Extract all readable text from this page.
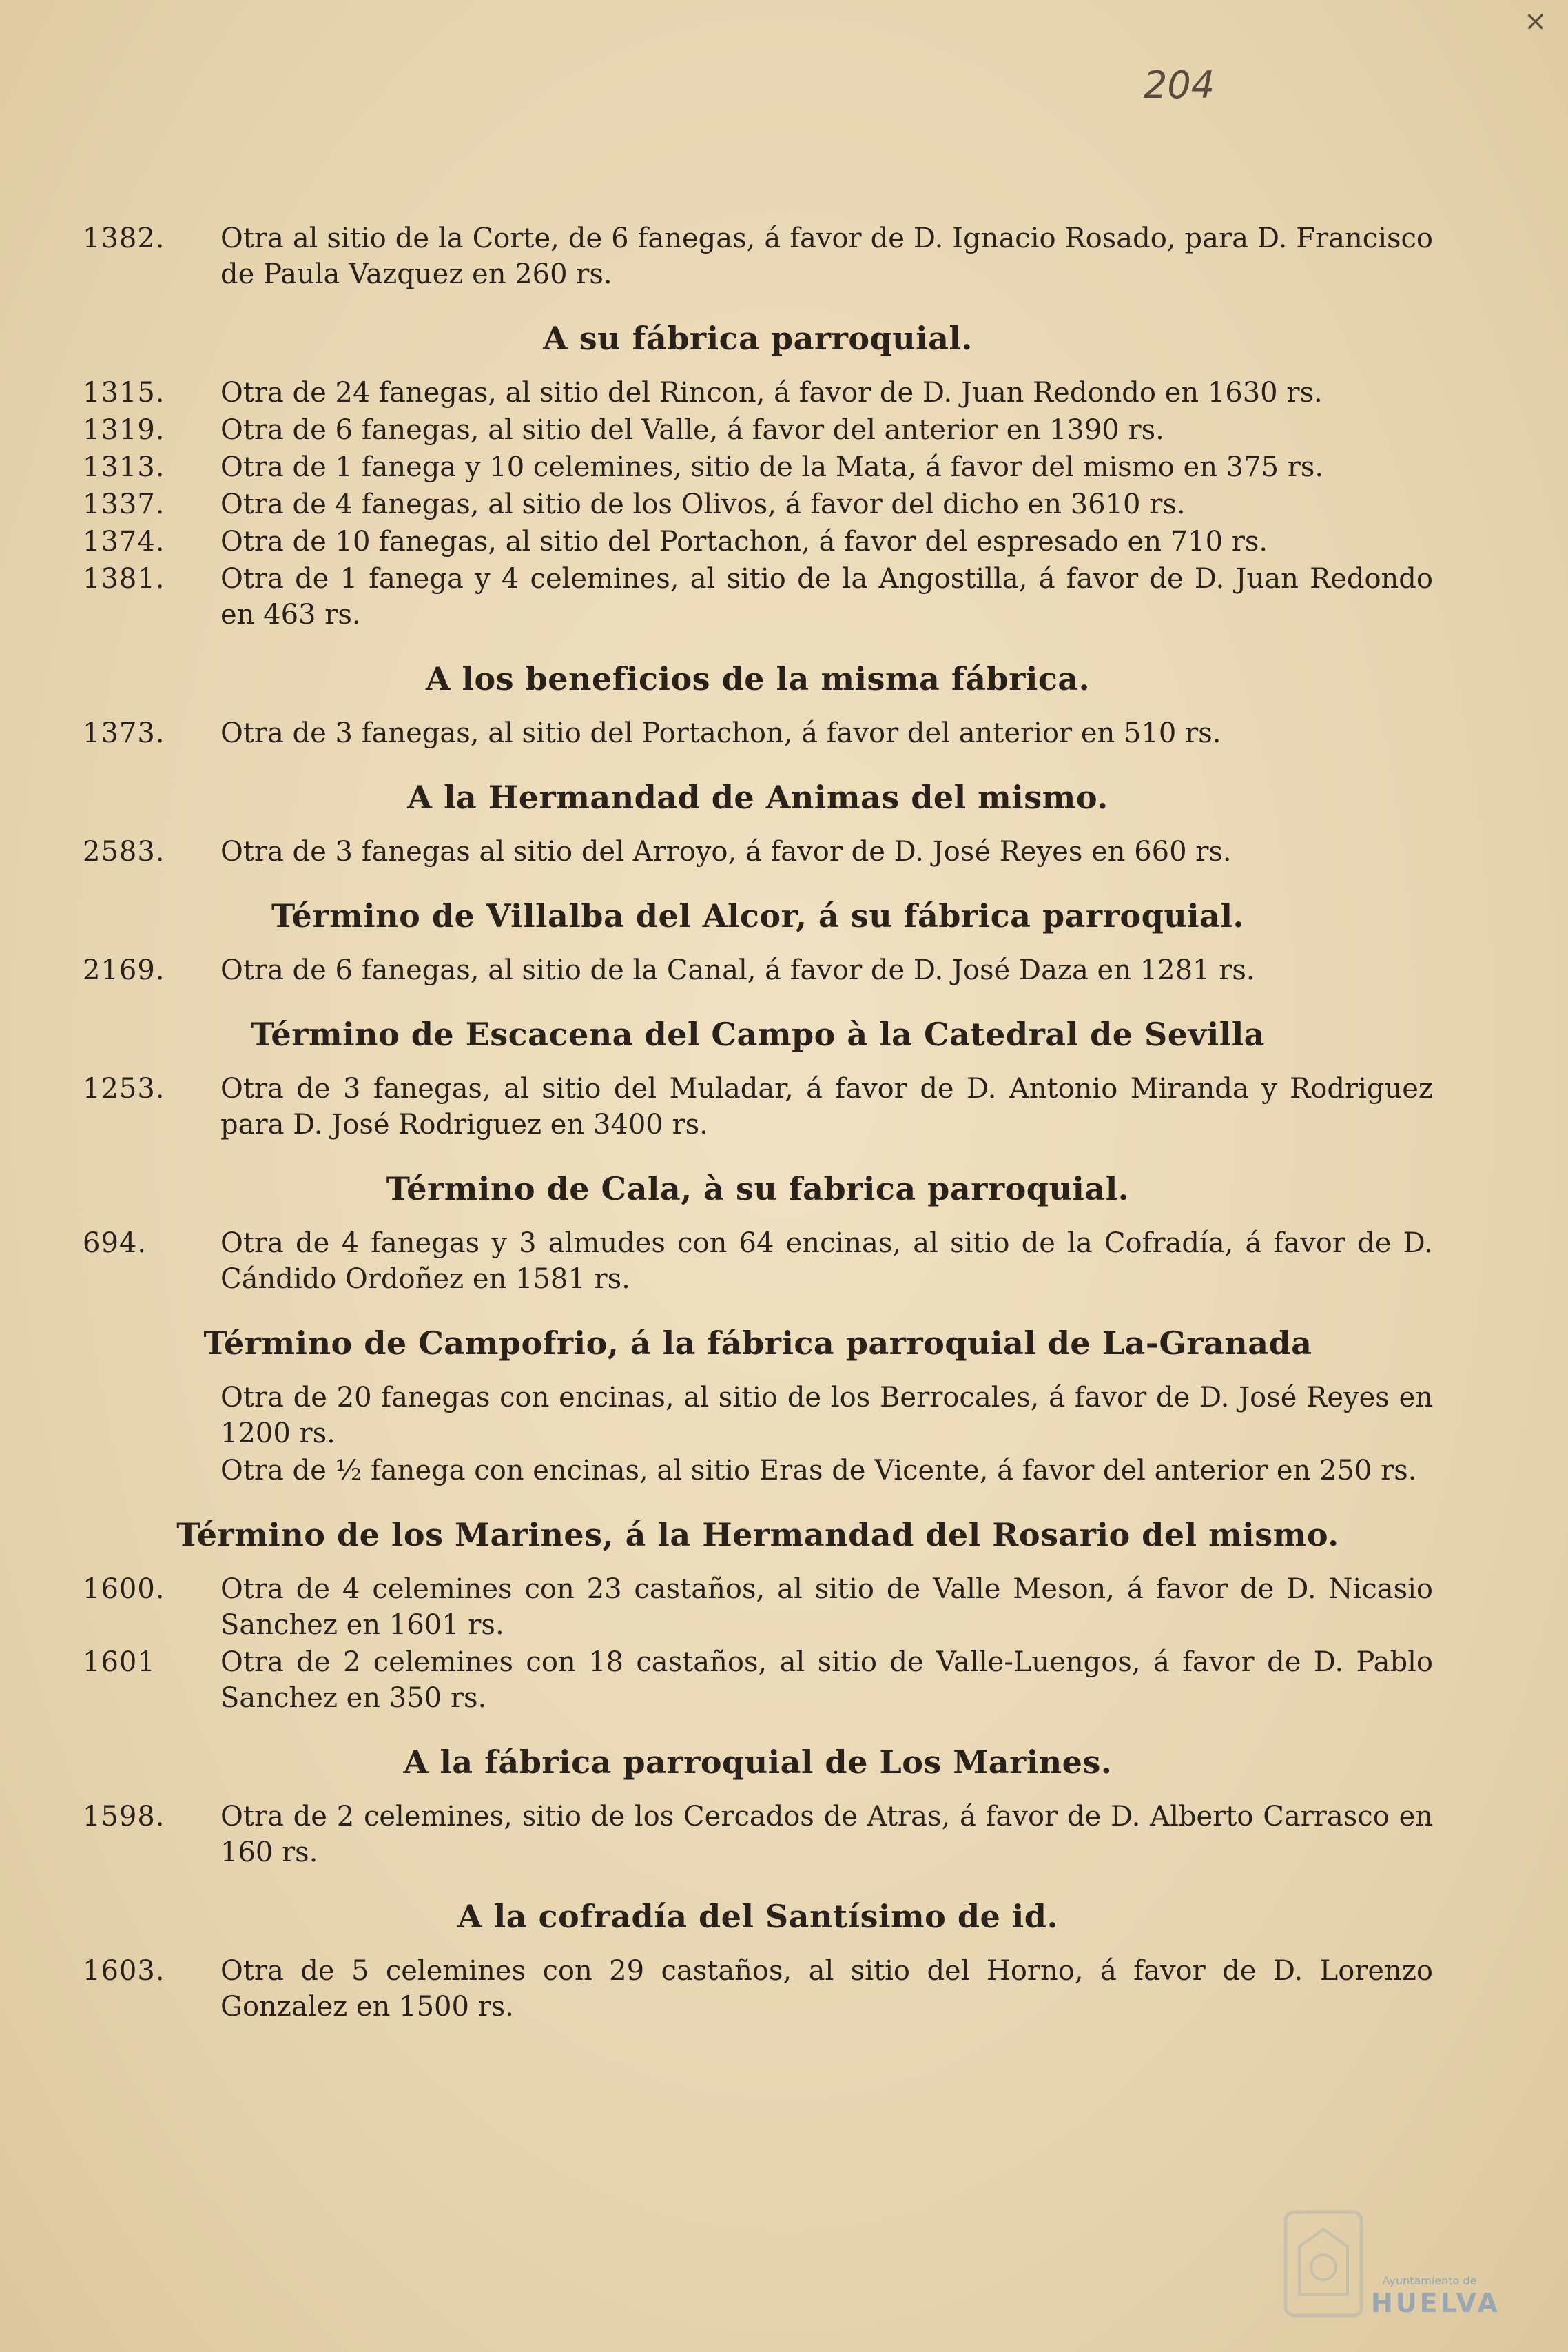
204
×
1382.	Otra al sitio de la Corte, de 6 fanegas, á favor de D. Ignacio Rosado, para D. Francisco de Paula Vazquez en 260 rs.
A su fábrica parroquial.
1315.	Otra de 24 fanegas, al sitio del Rincon, á favor de D. Juan Redondo en 1630 rs.
1319.	Otra de 6 fanegas, al sitio del Valle, á favor del anterior en 1390 rs.
1313.	Otra de 1 fanega y 10 celemines, sitio de la Mata, á favor del mismo en 375 rs.
1337.	Otra de 4 fanegas, al sitio de los Olivos, á favor del dicho en 3610 rs.
1374.	Otra de 10 fanegas, al sitio del Portachon, á favor del espresado en 710 rs.
1381.	Otra de 1 fanega y 4 celemines, al sitio de la Angostilla, á favor de D. Juan Redondo en 463 rs.
A los beneficios de la misma fábrica.
1373.	Otra de 3 fanegas, al sitio del Portachon, á favor del anterior en 510 rs.
A la Hermandad de Animas del mismo.
2583.	Otra de 3 fanegas al sitio del Arroyo, á favor de D. José Reyes en 660 rs.
Término de Villalba del Alcor, á su fábrica parroquial.
2169.	Otra de 6 fanegas, al sitio de la Canal, á favor de D. José Daza en 1281 rs.
Término de Escacena del Campo à la Catedral de Sevilla
1253.	Otra de 3 fanegas, al sitio del Muladar, á favor de D. Antonio Miranda y Rodriguez para D. José Rodriguez en 3400 rs.
Término de Cala, à su fabrica parroquial.
694.	Otra de 4 fanegas y 3 almudes con 64 encinas, al sitio de la Cofradía, á favor de D. Cándido Ordoñez en 1581 rs.
Término de Campofrio, á la fábrica parroquial de La-Granada
Otra de 20 fanegas con encinas, al sitio de los Berrocales, á favor de D. José Reyes en 1200 rs.
Otra de ½ fanega con encinas, al sitio Eras de Vicente, á favor del anterior en 250 rs.
Término de los Marines, á la Hermandad del Rosario del mismo.
1600.	Otra de 4 celemines con 23 castaños, al sitio de Valle Meson, á favor de D. Nicasio Sanchez en 1601 rs.
1601	Otra de 2 celemines con 18 castaños, al sitio de Valle-Luengos, á favor de D. Pablo Sanchez en 350 rs.
A la fábrica parroquial de Los Marines.
1598.	Otra de 2 celemines, sitio de los Cercados de Atras, á favor de D. Alberto Carrasco en 160 rs.
A la cofradía del Santísimo de id.
1603.	Otra de 5 celemines con 29 castaños, al sitio del Horno, á favor de D. Lorenzo Gonzalez en 1500 rs.
Ayuntamiento de
HUELVA
